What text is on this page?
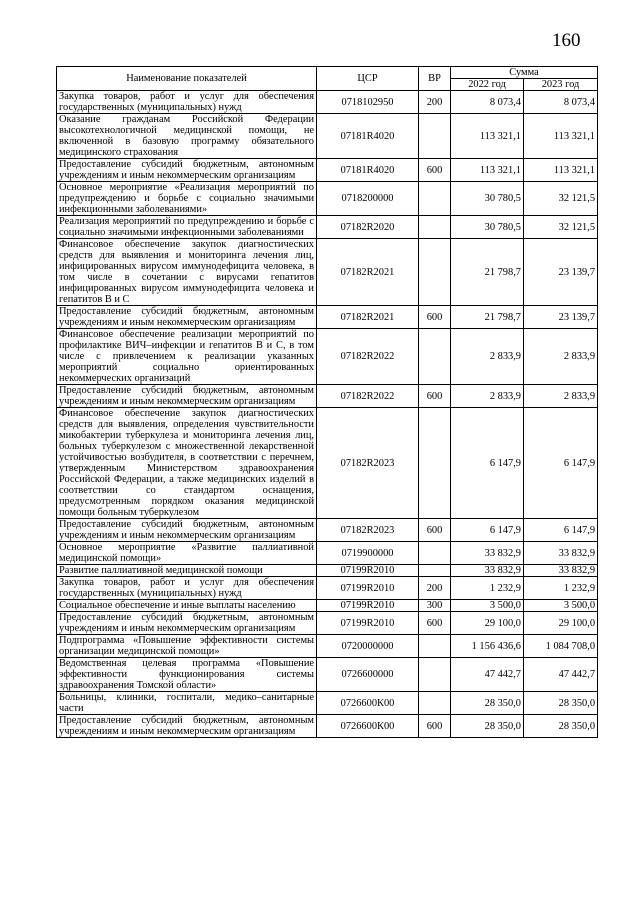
160
Наименование показателей	ЦСР	ВР	Сумма	
			2022 год	2023 год
Закупка товаров, работ и услуг для обеспечения государственных (муниципальных) нужд	0718102950	200	8 073,4	8 073,4
Оказание гражданам Российской Федерации высокотехнологичной медицинской помощи, не включенной в базовую программу обязательного медицинского страхования	07181R4020		113 321,1	113 321,1
Предоставление субсидий бюджетным, автономным учреждениям и иным некоммерческим организациям	07181R4020	600	113 321,1	113 321,1
Основное мероприятие «Реализация мероприятий по предупреждению и борьбе с социально значимыми инфекционными заболеваниями»	0718200000		30 780,5	32 121,5
Реализация мероприятий по предупреждению и борьбе с социально значимыми инфекционными заболеваниями	07182R2020		30 780,5	32 121,5
Финансовое обеспечение закупок диагностических средств для выявления и мониторинга лечения лиц, инфицированных вирусом иммунодефицита человека, в том числе в сочетании с вирусами гепатитов инфицированных вирусом иммунодефицита человека и гепатитов В и С	07182R2021		21 798,7	23 139,7
Предоставление субсидий бюджетным, автономным учреждениям и иным некоммерческим организациям	07182R2021	600	21 798,7	23 139,7
Финансовое обеспечение реализации мероприятий по профилактике ВИЧ–инфекции и гепатитов В и С, в том числе с привлечением к реализации указанных мероприятий социально ориентированных некоммерческих организаций	07182R2022		2 833,9	2 833,9
Предоставление субсидий бюджетным, автономным учреждениям и иным некоммерческим организациям	07182R2022	600	2 833,9	2 833,9
Финансовое обеспечение закупок диагностических средств для выявления, определения чувствительности микобактерии туберкулеза и мониторинга лечения лиц, больных туберкулезом с множественной лекарственной устойчивостью возбудителя, в соответствии с перечнем, утвержденным Министерством здравоохранения Российской Федерации, а также медицинских изделий в соответствии со стандартом оснащения, предусмотренным порядком оказания медицинской помощи больным туберкулезом	07182R2023		6 147,9	6 147,9
Предоставление субсидий бюджетным, автономным учреждениям и иным некоммерческим организациям	07182R2023	600	6 147,9	6 147,9
Основное мероприятие «Развитие паллиативной медицинской помощи»	0719900000		33 832,9	33 832,9
Развитие паллиативной медицинской помощи	07199R2010		33 832,9	33 832,9
Закупка товаров, работ и услуг для обеспечения государственных (муниципальных) нужд	07199R2010	200	1 232,9	1 232,9
Социальное обеспечение и иные выплаты населению	07199R2010	300	3 500,0	3 500,0
Предоставление субсидий бюджетным, автономным учреждениям и иным некоммерческим организациям	07199R2010	600	29 100,0	29 100,0
Подпрограмма «Повышение эффективности системы организации медицинской помощи»	0720000000		1 156 436,6	1 084 708,0
Ведомственная целевая программа «Повышение эффективности функционирования системы здравоохранения Томской области»	0726600000		47 442,7	47 442,7
Больницы, клиники, госпитали, медико–санитарные части	0726600К00		28 350,0	28 350,0
Предоставление субсидий бюджетным, автономным учреждениям и иным некоммерческим организациям	0726600К00	600	28 350,0	28 350,0
